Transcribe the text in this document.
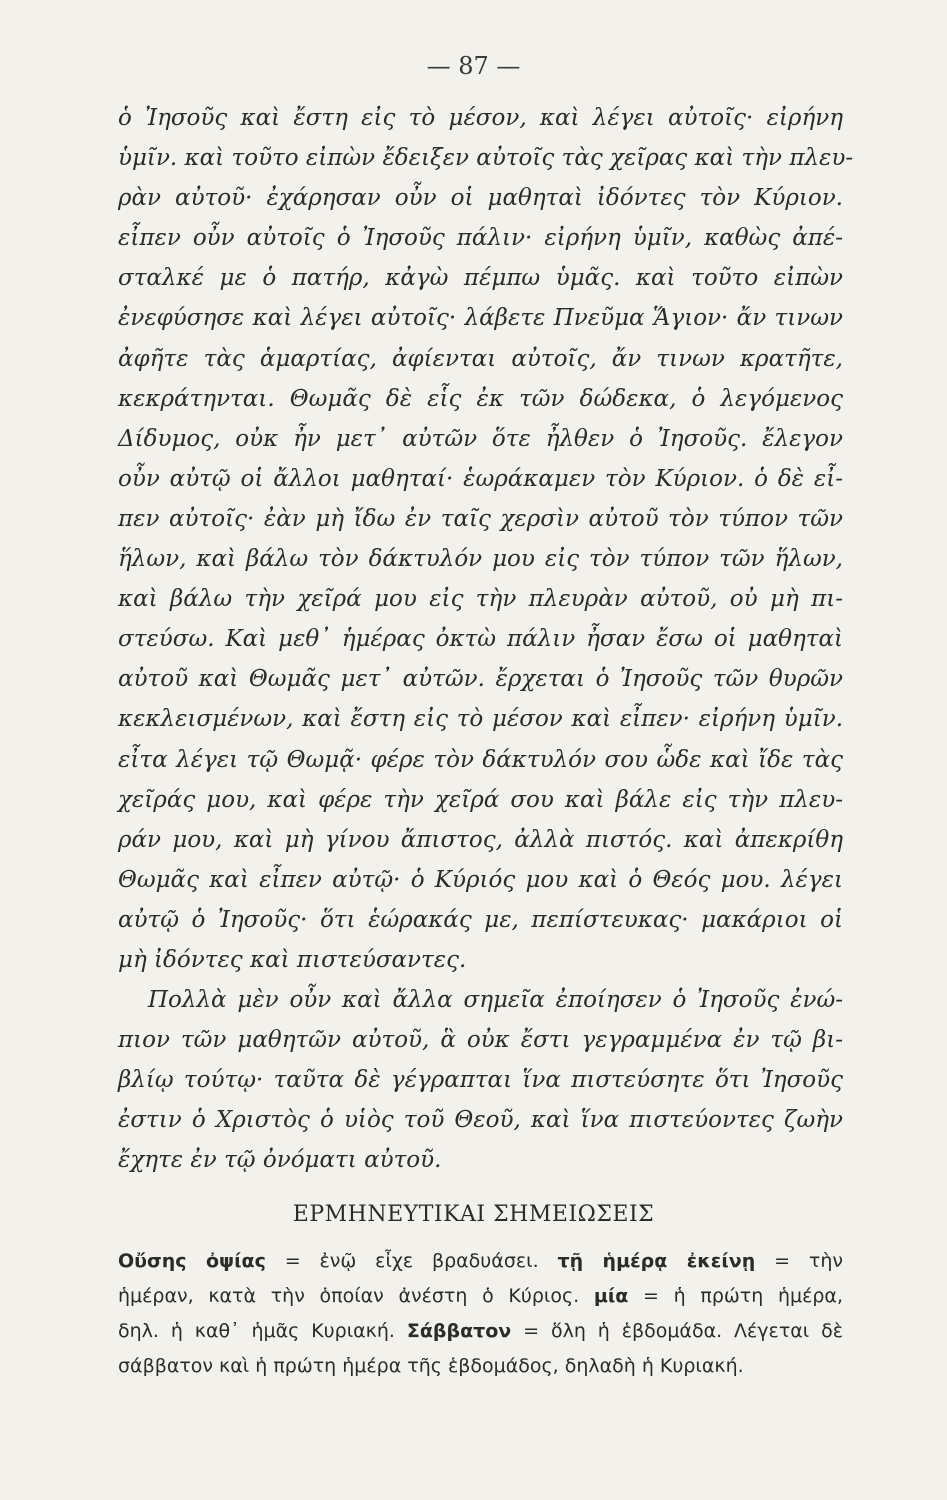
— 87 —
ὁ Ἰησοῦς καὶ ἔστη εἰς τὸ μέσον, καὶ λέγει αὐτοῖς· εἰρήνη
ὑμῖν. καὶ τοῦτο εἰπὼν ἔδειξεν αὐτοῖς τὰς χεῖρας καὶ τὴν πλευ-
ρὰν αὐτοῦ· ἐχάρησαν οὖν οἱ μαθηταὶ ἰδόντες τὸν Κύριον.
εἶπεν οὖν αὐτοῖς ὁ Ἰησοῦς πάλιν· εἰρήνη ὑμῖν, καθὼς ἀπέ-
σταλκέ με ὁ πατήρ, κἀγὼ πέμπω ὑμᾶς. καὶ τοῦτο εἰπὼν
ἐνεφύσησε καὶ λέγει αὐτοῖς· λάβετε Πνεῦμα Ἅγιον· ἄν τινων
ἀφῆτε τὰς ἁμαρτίας, ἀφίενται αὐτοῖς, ἄν τινων κρατῆτε,
κεκράτηνται. Θωμᾶς δὲ εἷς ἐκ τῶν δώδεκα, ὁ λεγόμενος
Δίδυμος, οὐκ ἦν μετ᾽ αὐτῶν ὅτε ἦλθεν ὁ Ἰησοῦς. ἔλεγον
οὖν αὐτῷ οἱ ἄλλοι μαθηταί· ἑωράκαμεν τὸν Κύριον. ὁ δὲ εἶ-
πεν αὐτοῖς· ἐὰν μὴ ἴδω ἐν ταῖς χερσὶν αὐτοῦ τὸν τύπον τῶν
ἥλων, καὶ βάλω τὸν δάκτυλόν μου εἰς τὸν τύπον τῶν ἥλων,
καὶ βάλω τὴν χεῖρά μου εἰς τὴν πλευρὰν αὐτοῦ, οὐ μὴ πι-
στεύσω. Καὶ μεθ᾽ ἡμέρας ὀκτὼ πάλιν ἦσαν ἔσω οἱ μαθηταὶ
αὐτοῦ καὶ Θωμᾶς μετ᾽ αὐτῶν. ἔρχεται ὁ Ἰησοῦς τῶν θυρῶν
κεκλεισμένων, καὶ ἔστη εἰς τὸ μέσον καὶ εἶπεν· εἰρήνη ὑμῖν.
εἶτα λέγει τῷ Θωμᾷ· φέρε τὸν δάκτυλόν σου ὧδε καὶ ἴδε τὰς
χεῖράς μου, καὶ φέρε τὴν χεῖρά σου καὶ βάλε εἰς τὴν πλευ-
ράν μου, καὶ μὴ γίνου ἄπιστος, ἀλλὰ πιστός. καὶ ἀπεκρίθη
Θωμᾶς καὶ εἶπεν αὐτῷ· ὁ Κύριός μου καὶ ὁ Θεός μου. λέγει
αὐτῷ ὁ Ἰησοῦς· ὅτι ἑώρακάς με, πεπίστευκας· μακάριοι οἱ
μὴ ἰδόντες καὶ πιστεύσαντες.
Πολλὰ μὲν οὖν καὶ ἄλλα σημεῖα ἐποίησεν ὁ Ἰησοῦς ἐνώ-
πιον τῶν μαθητῶν αὐτοῦ, ἃ οὐκ ἔστι γεγραμμένα ἐν τῷ βι-
βλίῳ τούτῳ· ταῦτα δὲ γέγραπται ἵνα πιστεύσητε ὅτι Ἰησοῦς
ἐστιν ὁ Χριστὸς ὁ υἱὸς τοῦ Θεοῦ, καὶ ἵνα πιστεύοντες ζωὴν
ἔχητε ἐν τῷ ὀνόματι αὐτοῦ.
ΕΡΜΗΝΕΥΤΙΚΑΙ ΣΗΜΕΙΩΣΕΙΣ
Οὔσης ὀψίας = ἐνῷ εἶχε βραδυάσει. τῇ ἡμέρᾳ ἐκείνῃ = τὴν
ἡμέραν, κατὰ τὴν ὁποίαν ἀνέστη ὁ Κύριος. μία = ἡ πρώτη ἡμέρα,
δηλ. ἡ καθ᾽ ἡμᾶς Κυριακή. Σάββατον = ὅλη ἡ ἑβδομάδα. Λέγεται δὲ
σάββατον καὶ ἡ πρώτη ἡμέρα τῆς ἑβδομάδος, δηλαδὴ ἡ Κυριακή.
